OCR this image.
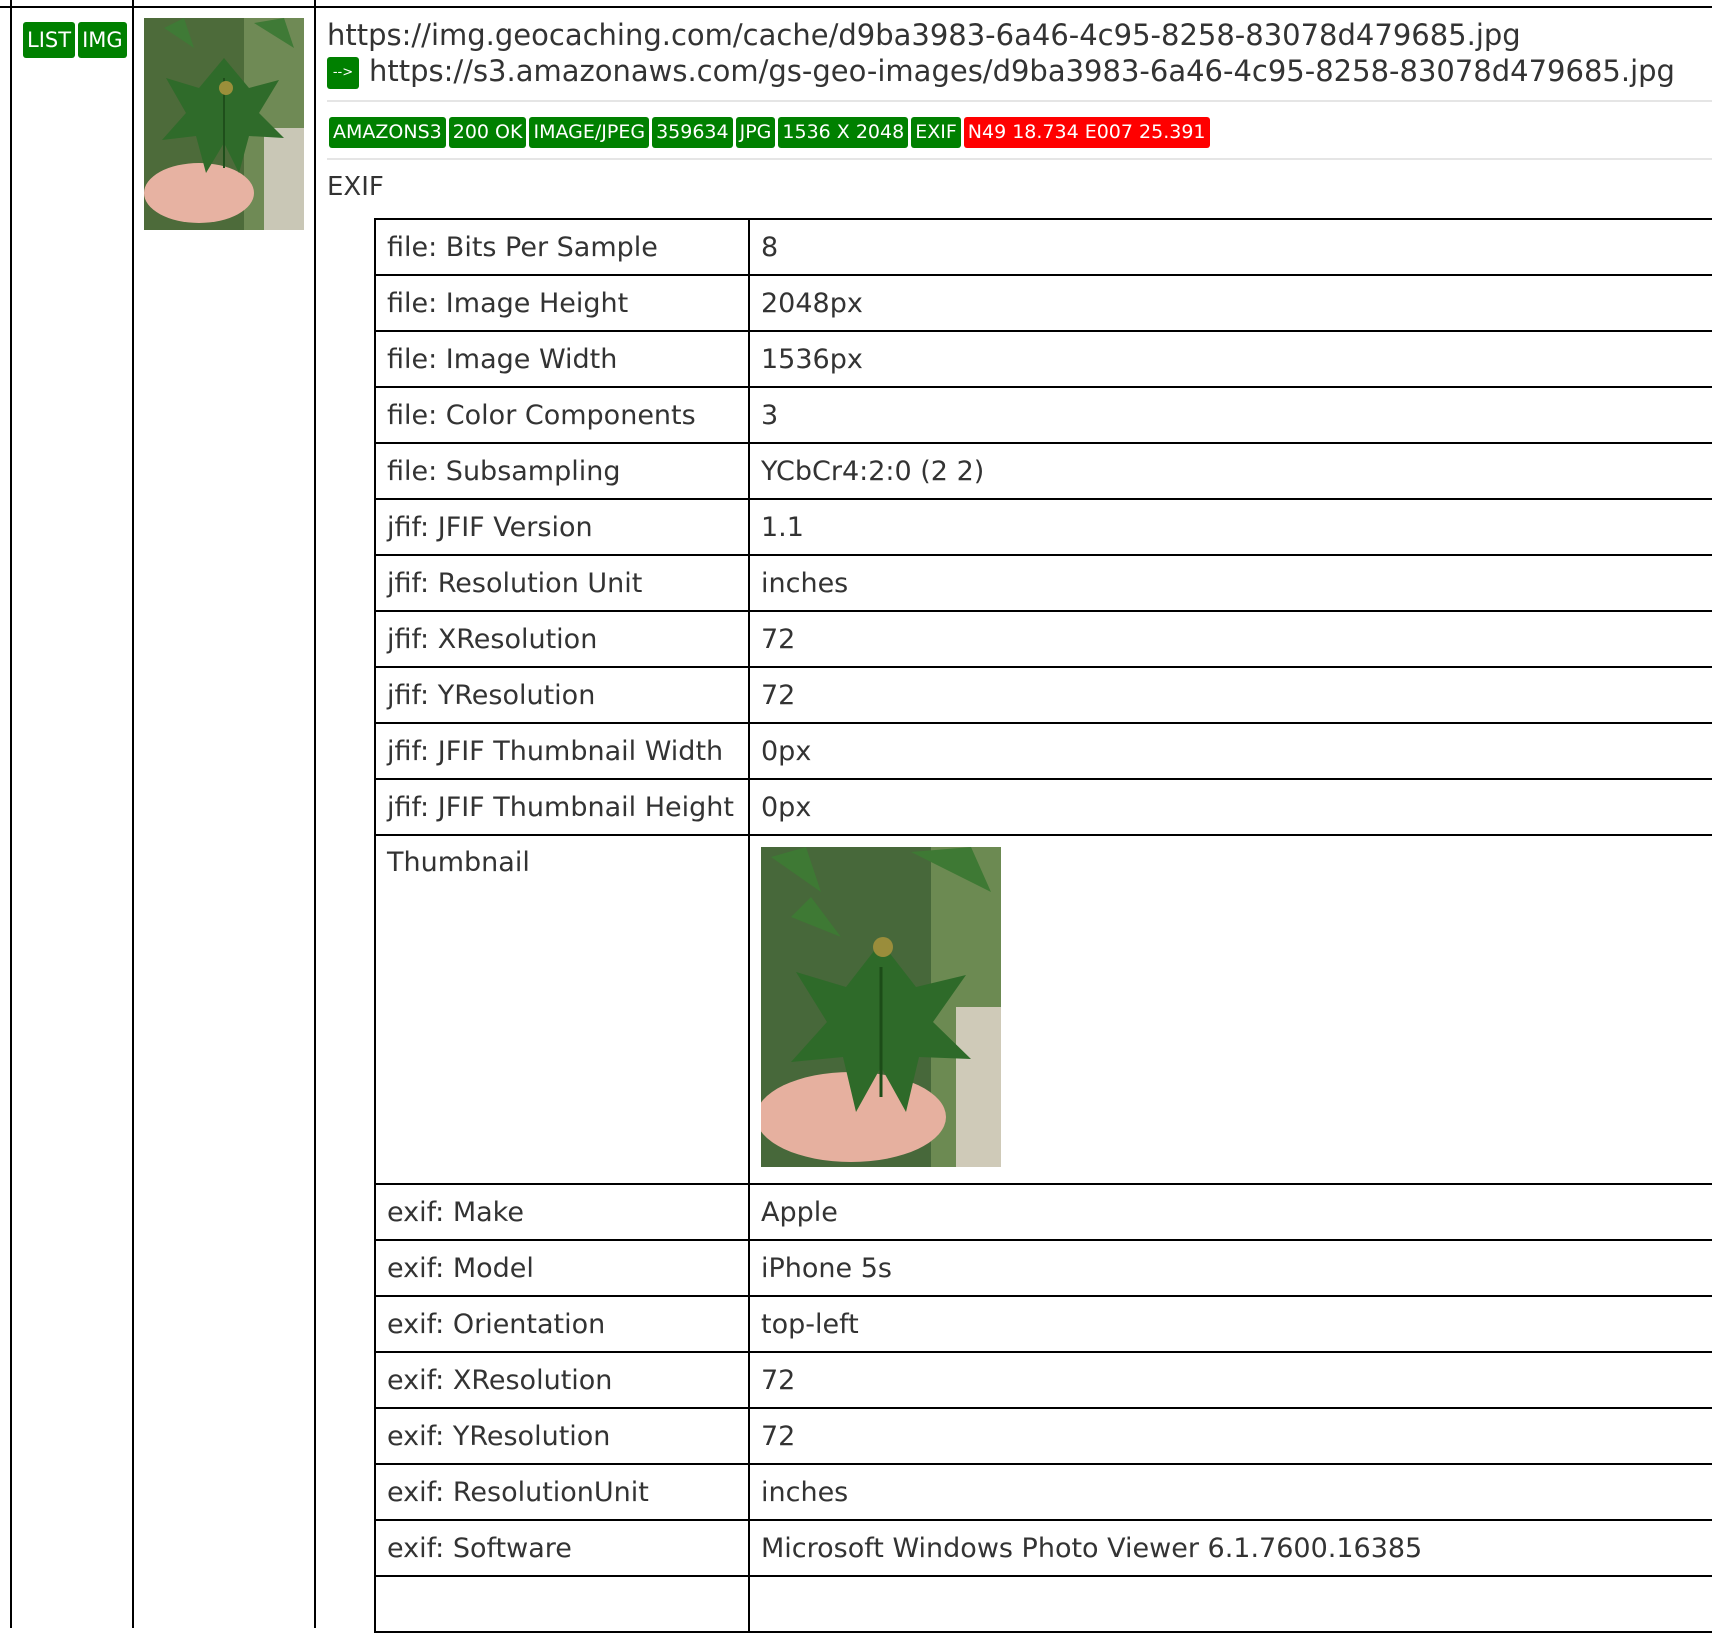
LIST IMG	https://img.geocaching.com/cache/d9ba3983-6a46-4c95-8258-83078d479685.jpg
--> https://s3.amazonaws.com/gs-geo-images/d9ba3983-6a46-4c95-8258-83078d479685.jpg
AMAZONS3 200 OK IMAGE/JPEG 359634 JPG 1536 X 2048 EXIF N49 18.734 E007 25.391
EXIF
file: Bits Per Sample	8
file: Image Height	2048px
file: Image Width	1536px
file: Color Components	3
file: Subsampling	YCbCr4:2:0 (2 2)
jfif: JFIF Version	1.1
jfif: Resolution Unit	inches
jfif: XResolution	72
jfif: YResolution	72
jfif: JFIF Thumbnail Width	0px
jfif: JFIF Thumbnail Height	0px
Thumbnail	
exif: Make	Apple
exif: Model	iPhone 5s
exif: Orientation	top-left
exif: XResolution	72
exif: YResolution	72
exif: ResolutionUnit	inches
exif: Software	Microsoft Windows Photo Viewer 6.1.7600.16385
